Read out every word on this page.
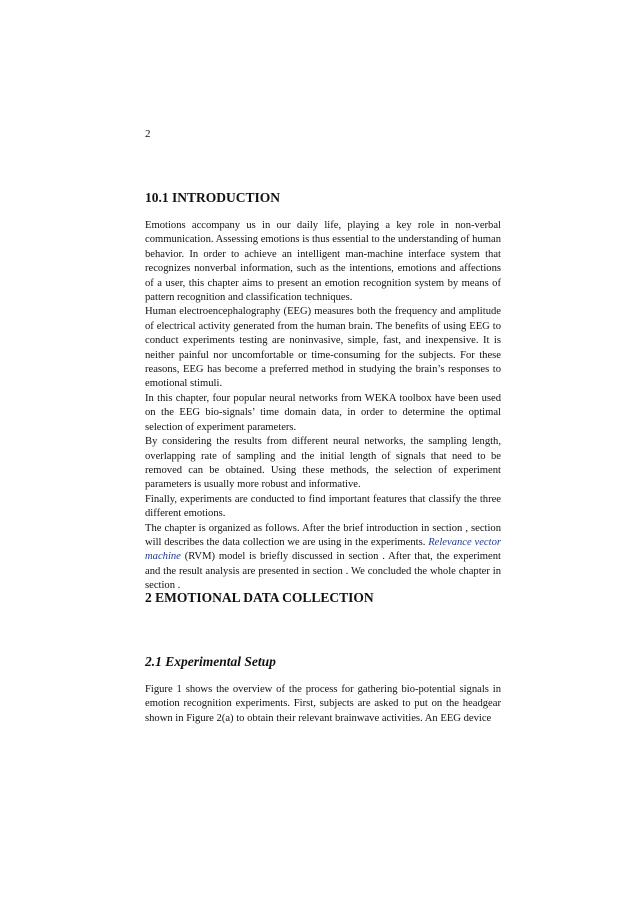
2
10.1 INTRODUCTION

Emotions accompany us in our daily life, playing a key role in non-verbal communication. Assessing emotions is thus essential to the understanding of human behavior. In order to achieve an intelligent man-machine interface system that recognizes nonverbal information, such as the intentions, emotions and affections of a user, this chapter aims to present an emotion recognition system by means of pattern recognition and classification techniques.

Human electroencephalography (EEG) measures both the frequency and amplitude of electrical activity generated from the human brain. The benefits of using EEG to conduct experiments testing are noninvasive, simple, fast, and inexpensive. It is neither painful nor uncomfortable or time-consuming for the subjects. For these reasons, EEG has become a preferred method in studying the brain’s responses to emotional stimuli.

In this chapter, four popular neural networks from WEKA toolbox have been used on the EEG bio-signals’ time domain data, in order to determine the optimal selection of experiment parameters.

By considering the results from different neural networks, the sampling length, overlapping rate of sampling and the initial length of signals that need to be removed can be obtained. Using these methods, the selection of experiment parameters is usually more robust and informative.

Finally, experiments are conducted to find important features that classify the three different emotions.

The chapter is organized as follows. After the brief introduction in section , section will describes the data collection we are using in the experiments. Relevance vector machine (RVM) model is briefly discussed in section . After that, the experiment and the result analysis are presented in section . We concluded the whole chapter in section .

2 EMOTIONAL DATA COLLECTION
2.1 Experimental Setup

Figure 1 shows the overview of the process for gathering bio-potential signals in emotion recognition experiments. First, subjects are asked to put on the headgear shown in Figure 2(a) to obtain their relevant brainwave activities. An EEG device
